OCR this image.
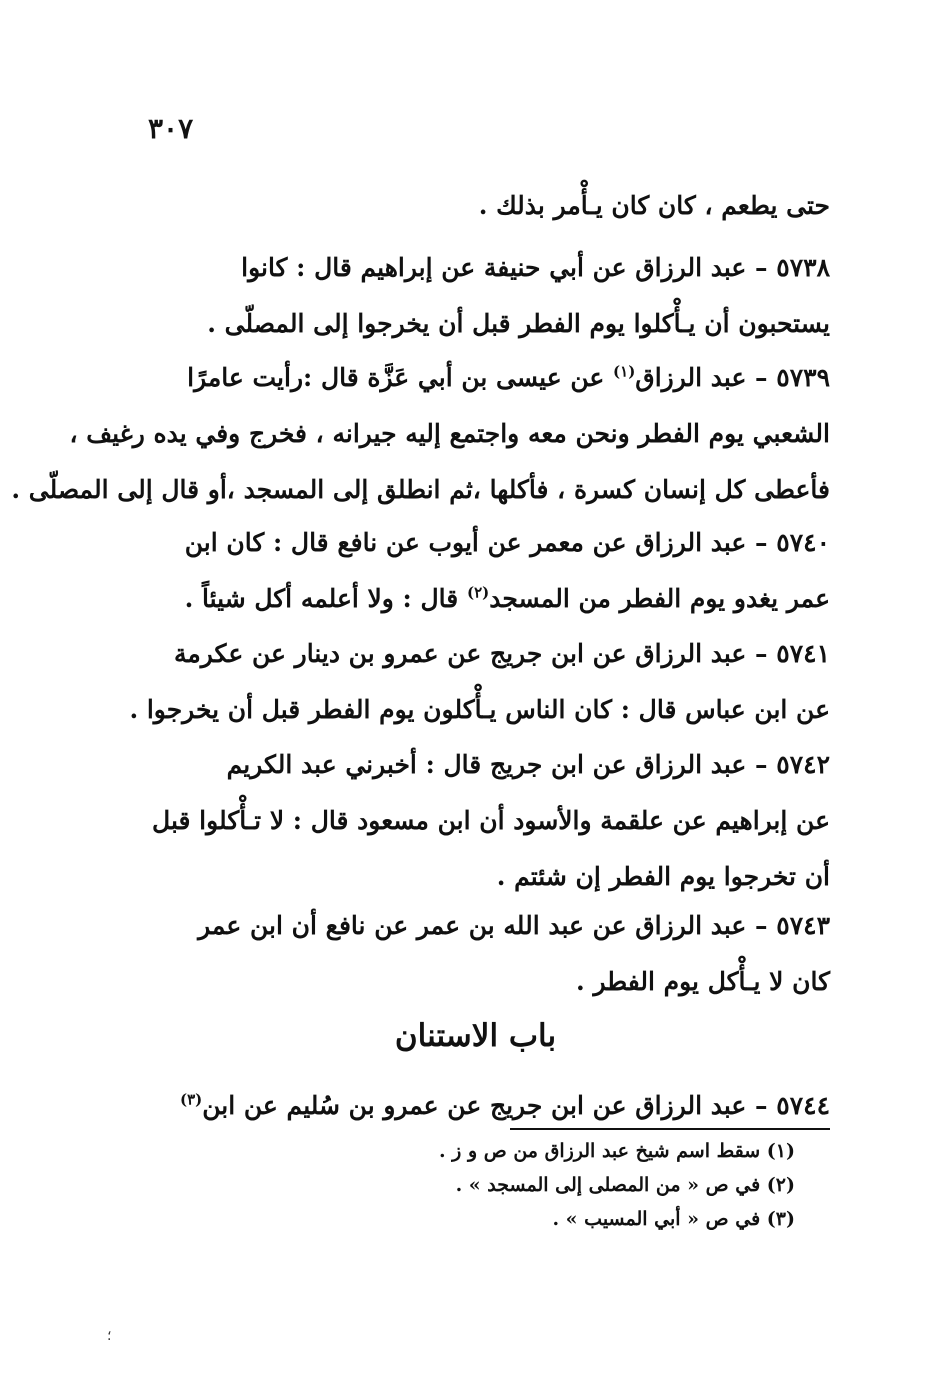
٣٠٧
حتى يطعم ، كان كان يـأْمر بذلك .
٥٧٣٨ – عبد الرزاق عن أبي حنيفة عن إبراهيم قال : كانوا
يستحبون أن يـأْكلوا يوم الفطر قبل أن يخرجوا إلى المصلّى .
٥٧٣٩ – عبد الرزاق$^{(١)}$ عن عيسى بن أبي عَزَّة قال :رأيت عامرًا
الشعبي يوم الفطر ونحن معه واجتمع إليه جيرانه ، فخرج وفي يده رغيف ،
فأعطى كل إنسان كسرة ، فأكلها ،ثم انطلق إلى المسجد ،أو قال إلى المصلّى .
٥٧٤٠ – عبد الرزاق عن معمر عن أيوب عن نافع قال : كان ابن
عمر يغدو يوم الفطر من المسجد$^{(٢)}$ قال : ولا أعلمه أكل شيئاً .
٥٧٤١ – عبد الرزاق عن ابن جريج عن عمرو بن دينار عن عكرمة
عن ابن عباس قال : كان الناس يـأْكلون يوم الفطر قبل أن يخرجوا .
٥٧٤٢ – عبد الرزاق عن ابن جريج قال : أخبرني عبد الكريم
عن إبراهيم عن علقمة والأسود أن ابن مسعود قال : لا تـأْكلوا قبل
أن تخرجوا يوم الفطر إن شئتم .
٥٧٤٣ – عبد الرزاق عن عبد الله بن عمر عن نافع أن ابن عمر
كان لا يـأْكل يوم الفطر .
باب الاستنان
٥٧٤٤ – عبد الرزاق عن ابن جريج عن عمرو بن سُليم عن ابن$^{(٣)}$
(١) سقط اسم شيخ عبد الرزاق من ص و ز .
(٢) في ص « من المصلى إلى المسجد » .
(٣) في ص « أبي المسيب » .
؛
